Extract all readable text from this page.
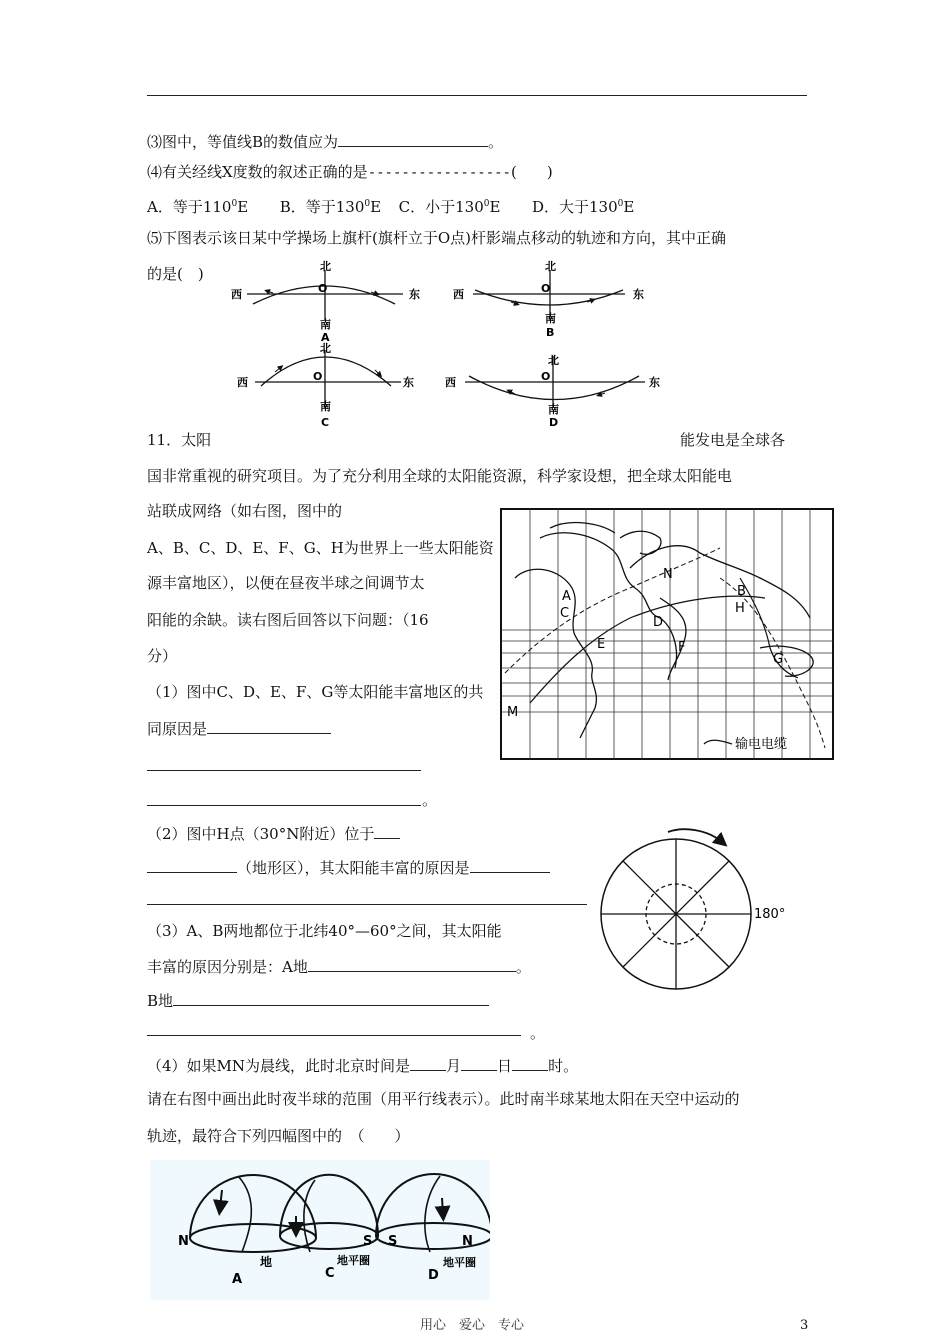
⑶图中，等值线B的数值应为	。
⑷有关经线X度数的叙述正确的是-----------------(　　)
A．等于$110^0E$ B．等于$130^0E$ C．小于$130^0E$ D．大于$130^0E$
⑸下图表示该日某中学操场上旗杆(旗杆立于O点)杆影端点移动的轨迹和方向，其中正确
的是(　)	北
O
南
A
西	东
北
O
南
B
西	东
北
O
南
C
西	东
北
O
南
D
西	东
11．太阳	能发电是全球各
国非常重视的研究项目。为了充分利用全球的太阳能资源，科学家设想，把全球太阳能电
站联成网络（如右图，图中的
A、B、C、D、E、F、G、H为世界上一些太阳能资
源丰富地区），以便在昼夜半球之间调节太
阳能的余缺。读右图后回答以下问题：（16
分）
（1）图中C、D、E、F、G等太阳能丰富地区的共
同原因是
。
B
A
C	H
D
E	F
G
N
M
输电电缆
（2）图中H点（30°N附近）位于
（地形区），其太阳能丰富的原因是
180°
（3）A、B两地都位于北纬40°—60°之间，其太阳能
丰富的原因分别是：A地	。
B地
。
（4）如果MN为晨线，此时北京时间是 月 日 时。
请在右图中画出此时夜半球的范围（用平行线表示）。此时南半球某地太阳在天空中运动的
轨迹，最符合下列四幅图中的　（　　）
N
地
A
地平圈
C
S S	N
地平圈
D
用心　爱心　专心	3
